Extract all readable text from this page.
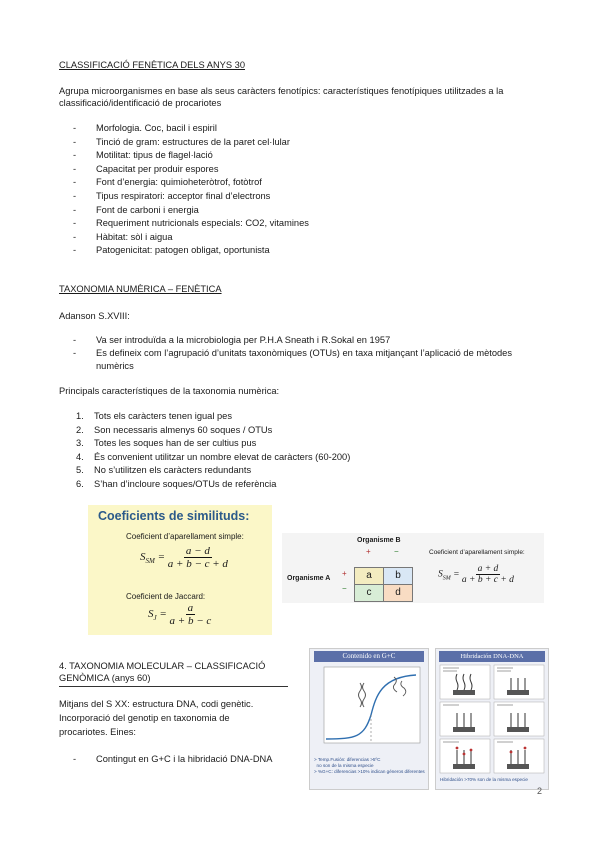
CLASSIFICACIÓ FENÈTICA DELS ANYS 30
Agrupa microorganismes en base als seus caràcters fenotípics: característiques fenotípiques utilitzades a la
classificació/identificació de procariotes
- Morfologia. Coc, bacil i espiril
- Tinció de gram: estructures de la paret cel·lular
- Motilitat: tipus de flagel·lació
- Capacitat per produir espores
- Font d’energia: quimioheteròtrof, fotòtrof
- Tipus respiratori: acceptor final d’electrons
- Font de carboni i energia
- Requeriment nutricionals especials: CO2, vitamines
- Hàbitat: sòl i aigua
- Patogenicitat: patogen obligat, oportunista
TAXONOMIA NUMÈRICA – FENÈTICA
Adanson S.XVIII:
- Va ser introduïda a la microbiologia per P.H.A Sneath i R.Sokal en 1957
- Es defineix com l’agrupació d’unitats taxonòmiques (OTUs) en taxa mitjançant l’aplicació de mètodes
numèrics
Principals característiques de la taxonomia numèrica:
1. Tots els caràcters tenen igual pes
2. Son necessaris almenys 60 soques / OTUs
3. Totes les soques han de ser cultius pus
4. És convenient utilitzar un nombre elevat de caràcters (60-200)
5. No s’utilitzen els caràcters redundants
6. S’han d’incloure soques/OTUs de referència
Coeficients de similituds:
Coeficient d’aparellament simple:
$S_{SM} = \frac{a - d}{a + b - c + d}$
Coeficient de Jaccard:
$S_J = \frac{a}{a + b - c}$
Organisme B
+	−
Organisme A
+
−
a	b
c	d
Coeficient d’aparellament simple:
$S_{SM} = \frac{a + d}{a + b + c + d}$
4. TAXONOMIA MOLECULAR – CLASSIFICACIÓ
GENÒMICA (anys 60)
Mitjans del S XX: estructura DNA, codi genètic.
Incorporació del genotip en taxonomia de
procariotes. Eines:
- Contingut en G+C i la hibridació DNA-DNA
Contenido en G+C
> Temp.Fusión: diferencias >5ºC
no son de la misma especie
> %G+C: diferencias >10% indican géneros diferentes
Hibridación DNA-DNA
Hibridación >70% son de la misma especie
2
